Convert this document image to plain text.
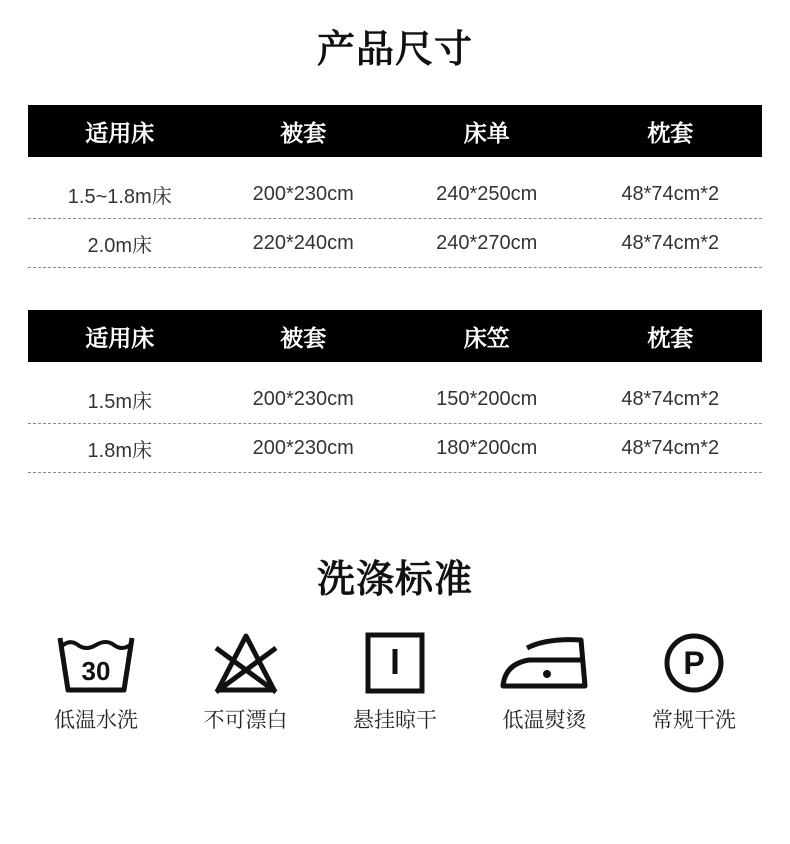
产品尺寸
适用床	被套	床单	枕套
1.5~1.8m床	200*230cm	240*250cm	48*74cm*2
2.0m床	220*240cm	240*270cm	48*74cm*2
适用床	被套	床笠	枕套
1.5m床	200*230cm	150*200cm	48*74cm*2
1.8m床	200*230cm	180*200cm	48*74cm*2
洗涤标准
30
低温水洗	不可漂白	悬挂晾干	低温熨烫
P
常规干洗
